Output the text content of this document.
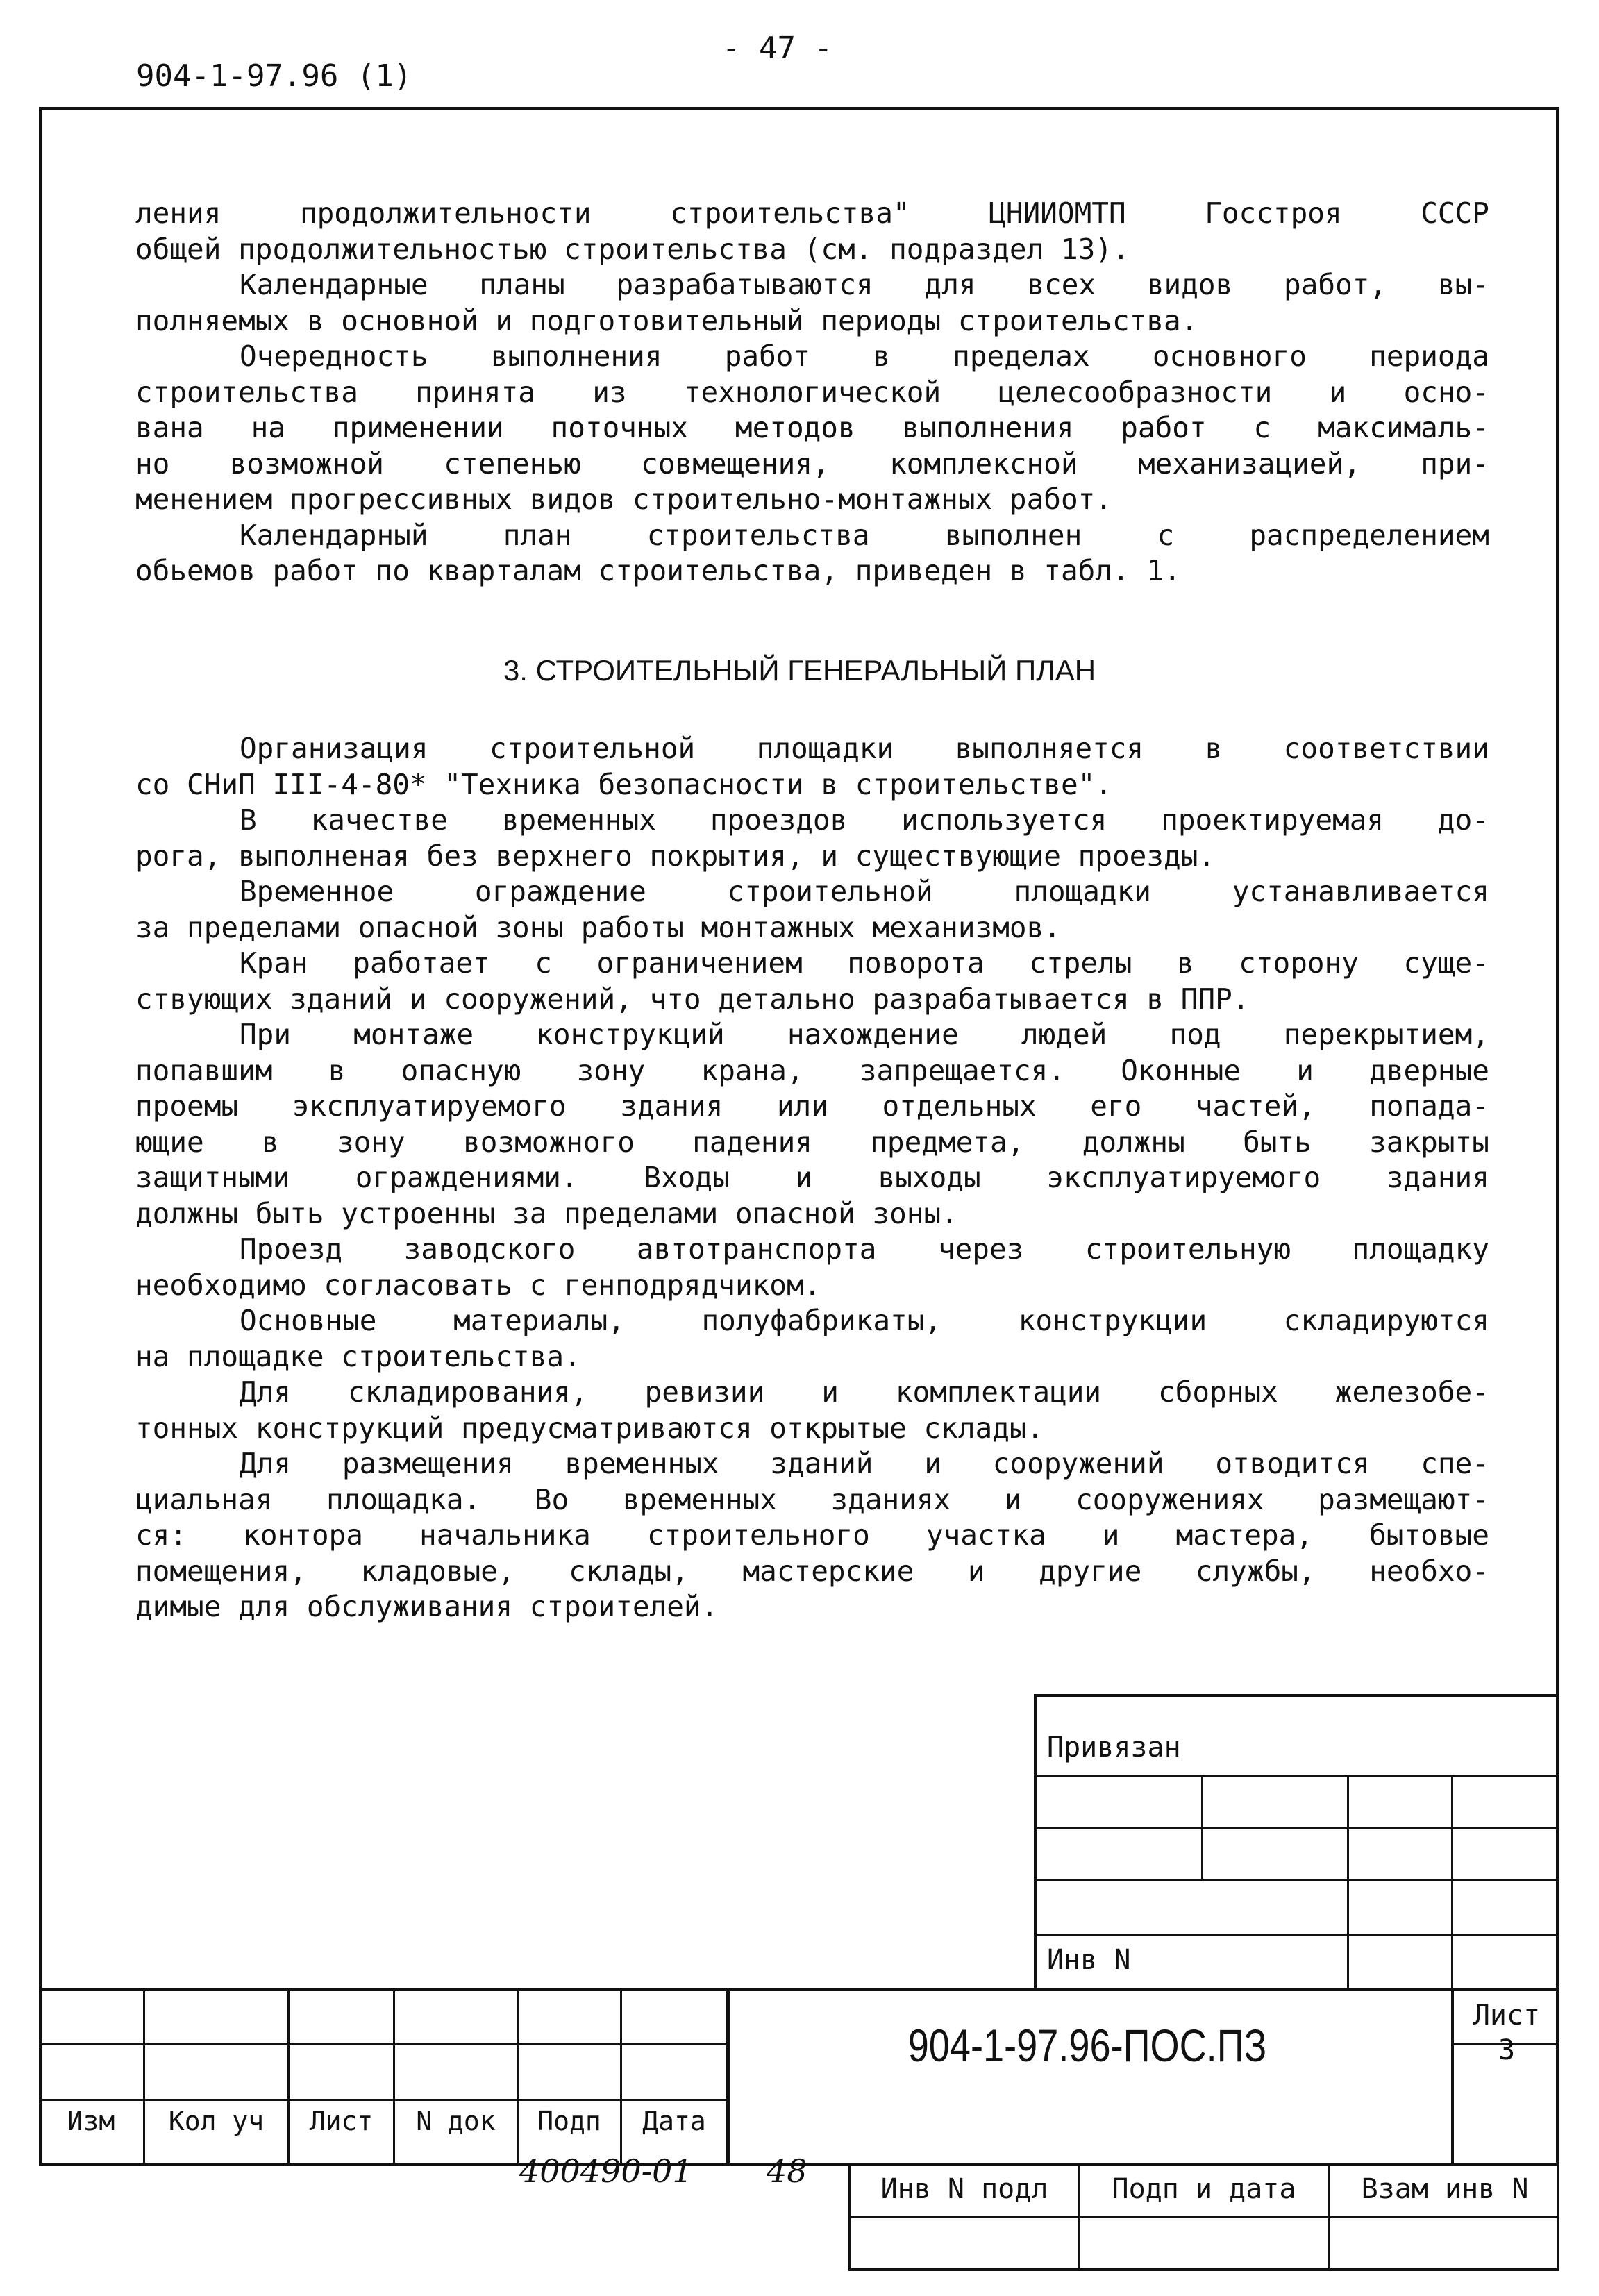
- 47 -
904-1-97.96 (1)
ления	продолжительности	строительства"	ЦНИИОМТП	Госстроя	СССР
общей продолжительностью строительства (см. подраздел 13).
Календарные планы разрабатываются для всех видов работ, вы-
полняемых в основной и подготовительный периоды строительства.
Очередность выполнения работ в пределах основного периода
строительства принята из технологической целесообразности и осно-
вана на применении поточных методов выполнения работ с максималь-
но возможной степенью совмещения, комплексной механизацией, при-
менением прогрессивных видов строительно-монтажных работ.
Календарный	план	строительства	выполнен	с	распределением
обьемов работ по кварталам строительства, приведен в табл. 1.
3. СТРОИТЕЛЬНЫЙ ГЕНЕРАЛЬНЫЙ ПЛАН
Организация строительной площадки выполняется в соответствии
со СНиП III-4-80* "Техника безопасности в строительстве".
В качестве временных проездов используется проектируемая до-
рога, выполненая без верхнего покрытия, и существующие проезды.
Временное	ограждение	строительной	площадки	устанавливается
за пределами опасной зоны работы монтажных механизмов.
Кран работает с ограничением поворота стрелы в сторону суще-
ствующих зданий и сооружений, что детально разрабатывается в ППР.
При монтаже конструкций нахождение людей под перекрытием,
попавшим в опасную зону крана, запрещается. Оконные и дверные
проемы эксплуатируемого здания или отдельных его частей, попада-
ющие в зону возможного падения предмета, должны быть закрыты
защитными ограждениями. Входы и выходы эксплуатируемого здания
должны быть устроенны за пределами опасной зоны.
Проезд заводского автотранспорта через строительную площадку
необходимо согласовать с генподрядчиком.
Основные	материалы,	полуфабрикаты,	конструкции	складируются
на площадке строительства.
Для складирования, ревизии и комплектации сборных железобе-
тонных конструкций предусматриваются открытые склады.
Для размещения временных зданий и сооружений отводится спе-
циальная площадка. Во временных зданиях и сооружениях размещают-
ся: контора начальника строительного участка и мастера, бытовые
помещения, кладовые, склады, мастерские и другие службы, необхо-
димые для обслуживания строителей.
Привязан
Инв N
Изм	Кол уч	Лист	N док	Подп	Дата
904-1-97.96-ПОС.ПЗ
Лист
3
400490-01 48	Инв N подл	Подп и дата	Взам инв N
